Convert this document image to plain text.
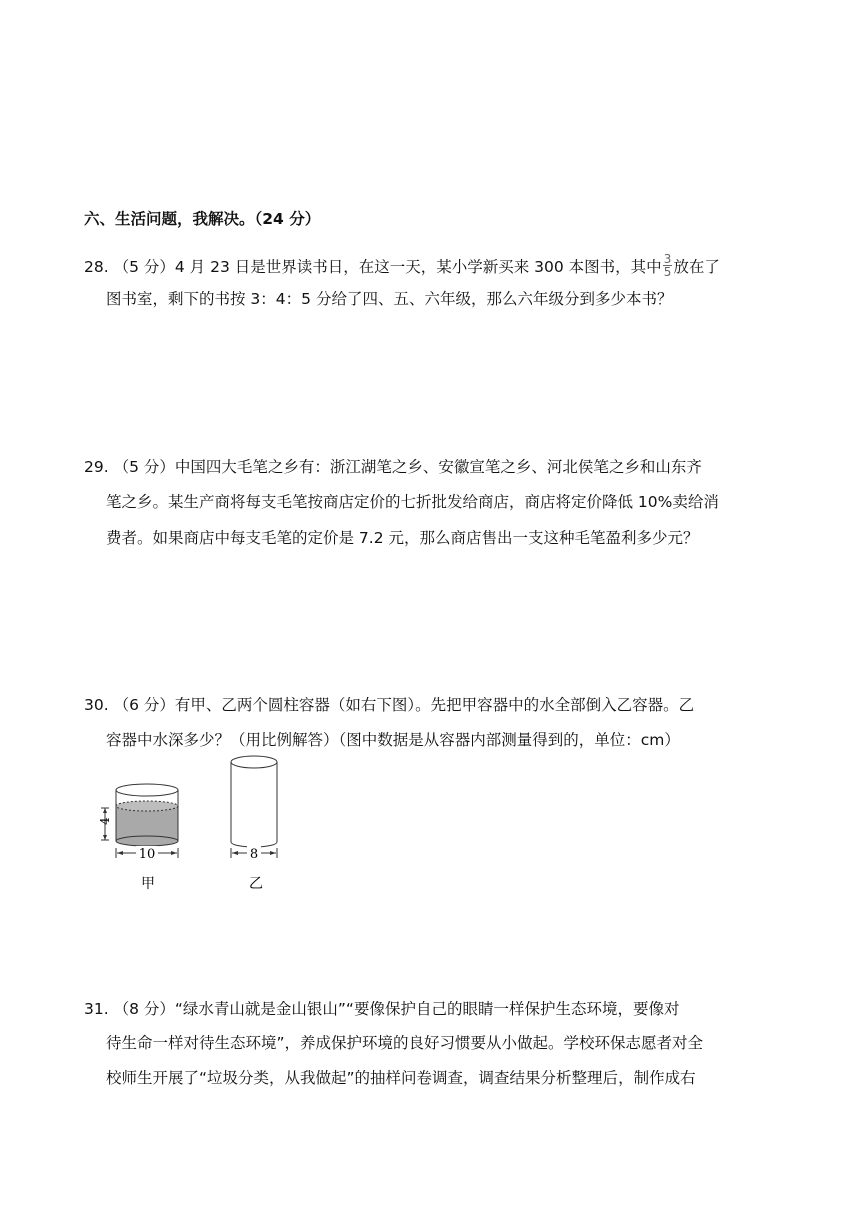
六、生活问题，我解决。（24 分）
28. （5 分）4 月 23 日是世界读书日，在这一天，某小学新买来 300 本图书，其中 $\frac{3}{5}$ 放在了
图书室，剩下的书按 3：4：5 分给了四、五、六年级，那么六年级分到多少本书？
29. （5 分）中国四大毛笔之乡有：浙江湖笔之乡、安徽宣笔之乡、河北侯笔之乡和山东齐
笔之乡。某生产商将每支毛笔按商店定价的七折批发给商店，商店将定价降低 10%卖给消
费者。如果商店中每支毛笔的定价是 7.2 元，那么商店售出一支这种毛笔盈利多少元？
30. （6 分）有甲、乙两个圆柱容器（如右下图）。先把甲容器中的水全部倒入乙容器。乙
容器中水深多少？（用比例解答）（图中数据是从容器内部测量得到的，单位：cm）
4
10
甲
8
乙
31. （8 分）“绿水青山就是金山银山”“要像保护自己的眼睛一样保护生态环境，要像对
待生命一样对待生态环境”，养成保护环境的良好习惯要从小做起。学校环保志愿者对全
校师生开展了“垃圾分类，从我做起”的抽样问卷调查，调查结果分析整理后，制作成右
